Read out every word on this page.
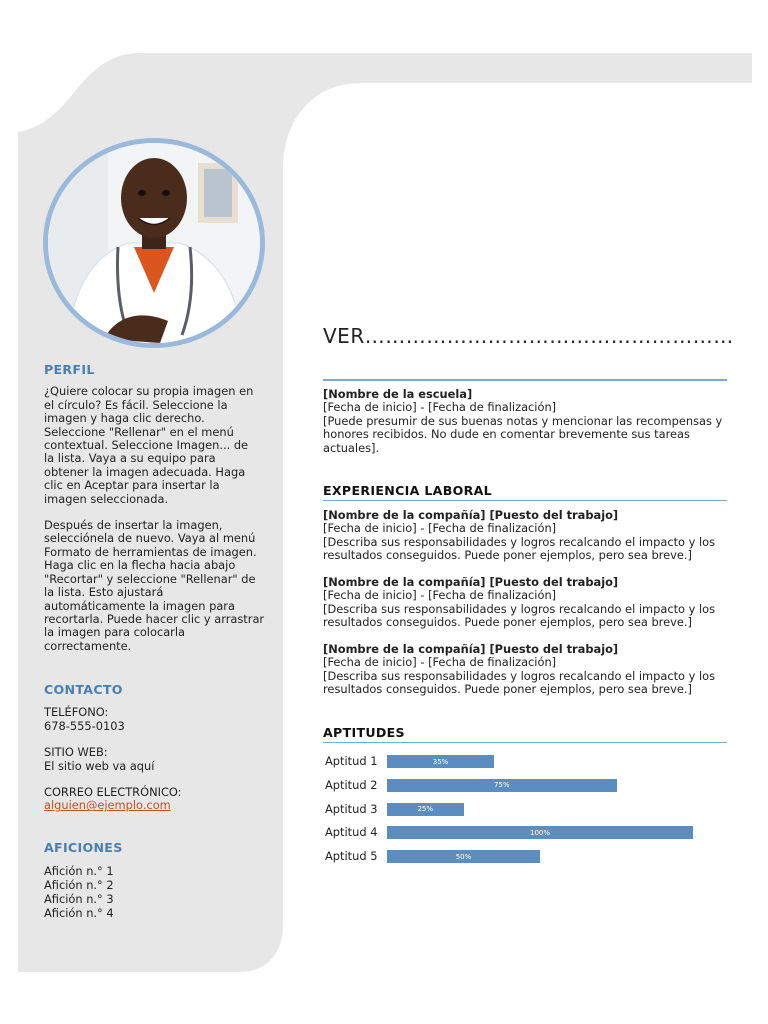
PERFIL

¿Quiere colocar su propia imagen en

el círculo? Es fácil. Seleccione la

imagen y haga clic derecho.

Seleccione "Rellenar" en el menú

contextual. Seleccione Imagen... de

la lista. Vaya a su equipo para

obtener la imagen adecuada. Haga

clic en Aceptar para insertar la

imagen seleccionada.

Después de insertar la imagen,

selecciónela de nuevo. Vaya al menú

Formato de herramientas de imagen.

Haga clic en la flecha hacia abajo

"Recortar" y seleccione "Rellenar" de

la lista. Esto ajustará

automáticamente la imagen para

recortarla. Puede hacer clic y arrastrar

la imagen para colocarla

correctamente.

CONTACTO

TELÉFONO:

678-555-0103

SITIO WEB:

El sitio web va aquí

CORREO ELECTRÓNICO:

alguien@ejemplo.com

AFICIONES

Afición n.° 1

Afición n.° 2

Afición n.° 3

Afición n.° 4

VER………………………………………………

[Nombre de la escuela]

[Fecha de inicio] - [Fecha de finalización]

[Puede presumir de sus buenas notas y mencionar las recompensas y

honores recibidos. No dude en comentar brevemente sus tareas

actuales].

EXPERIENCIA LABORAL

[Nombre de la compañía] [Puesto del trabajo]

[Fecha de inicio] - [Fecha de finalización]

[Describa sus responsabilidades y logros recalcando el impacto y los

resultados conseguidos. Puede poner ejemplos, pero sea breve.]

[Nombre de la compañía] [Puesto del trabajo]

[Fecha de inicio] - [Fecha de finalización]

[Describa sus responsabilidades y logros recalcando el impacto y los

resultados conseguidos. Puede poner ejemplos, pero sea breve.]

[Nombre de la compañía] [Puesto del trabajo]

[Fecha de inicio] - [Fecha de finalización]

[Describa sus responsabilidades y logros recalcando el impacto y los

resultados conseguidos. Puede poner ejemplos, pero sea breve.]

APTITUDES
Aptitud 1	35%
Aptitud 2	75%
Aptitud 3	25%
Aptitud 4	100%
Aptitud 5	50%
